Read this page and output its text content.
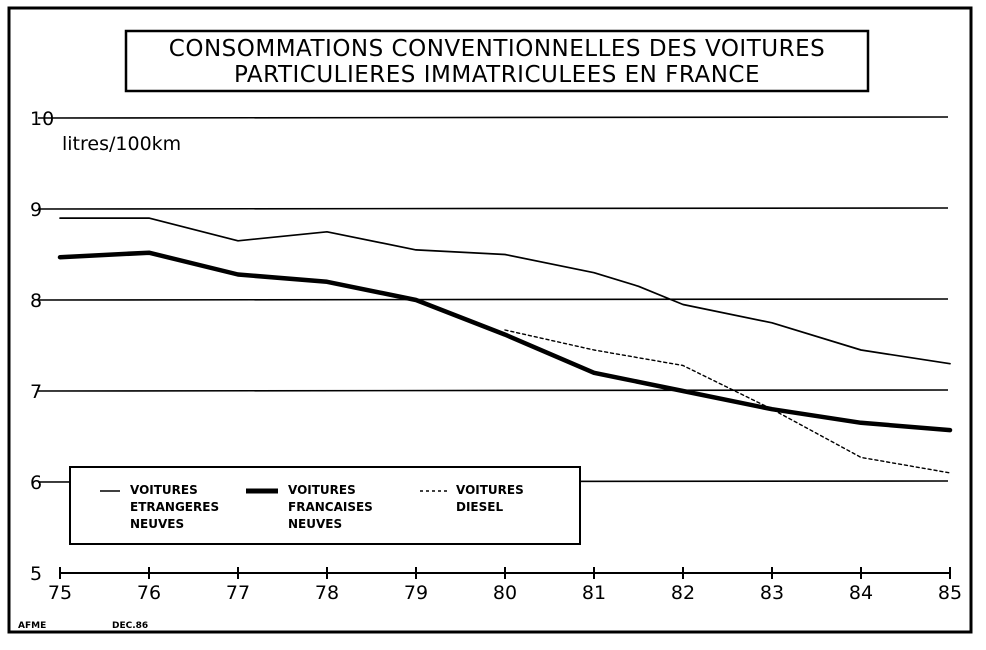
CONSOMMATIONS CONVENTIONNELLES DES VOITURES
PARTICULIERES IMMATRICULEES EN FRANCE
litres/100km
75	76	77	78	79	80	81	82	83	84	85
5
6
7
8
9
10
VOITURES
ETRANGERES
NEUVES
VOITURES
FRANCAISES
NEUVES
VOITURES
DIESEL
AFME	DEC.86
